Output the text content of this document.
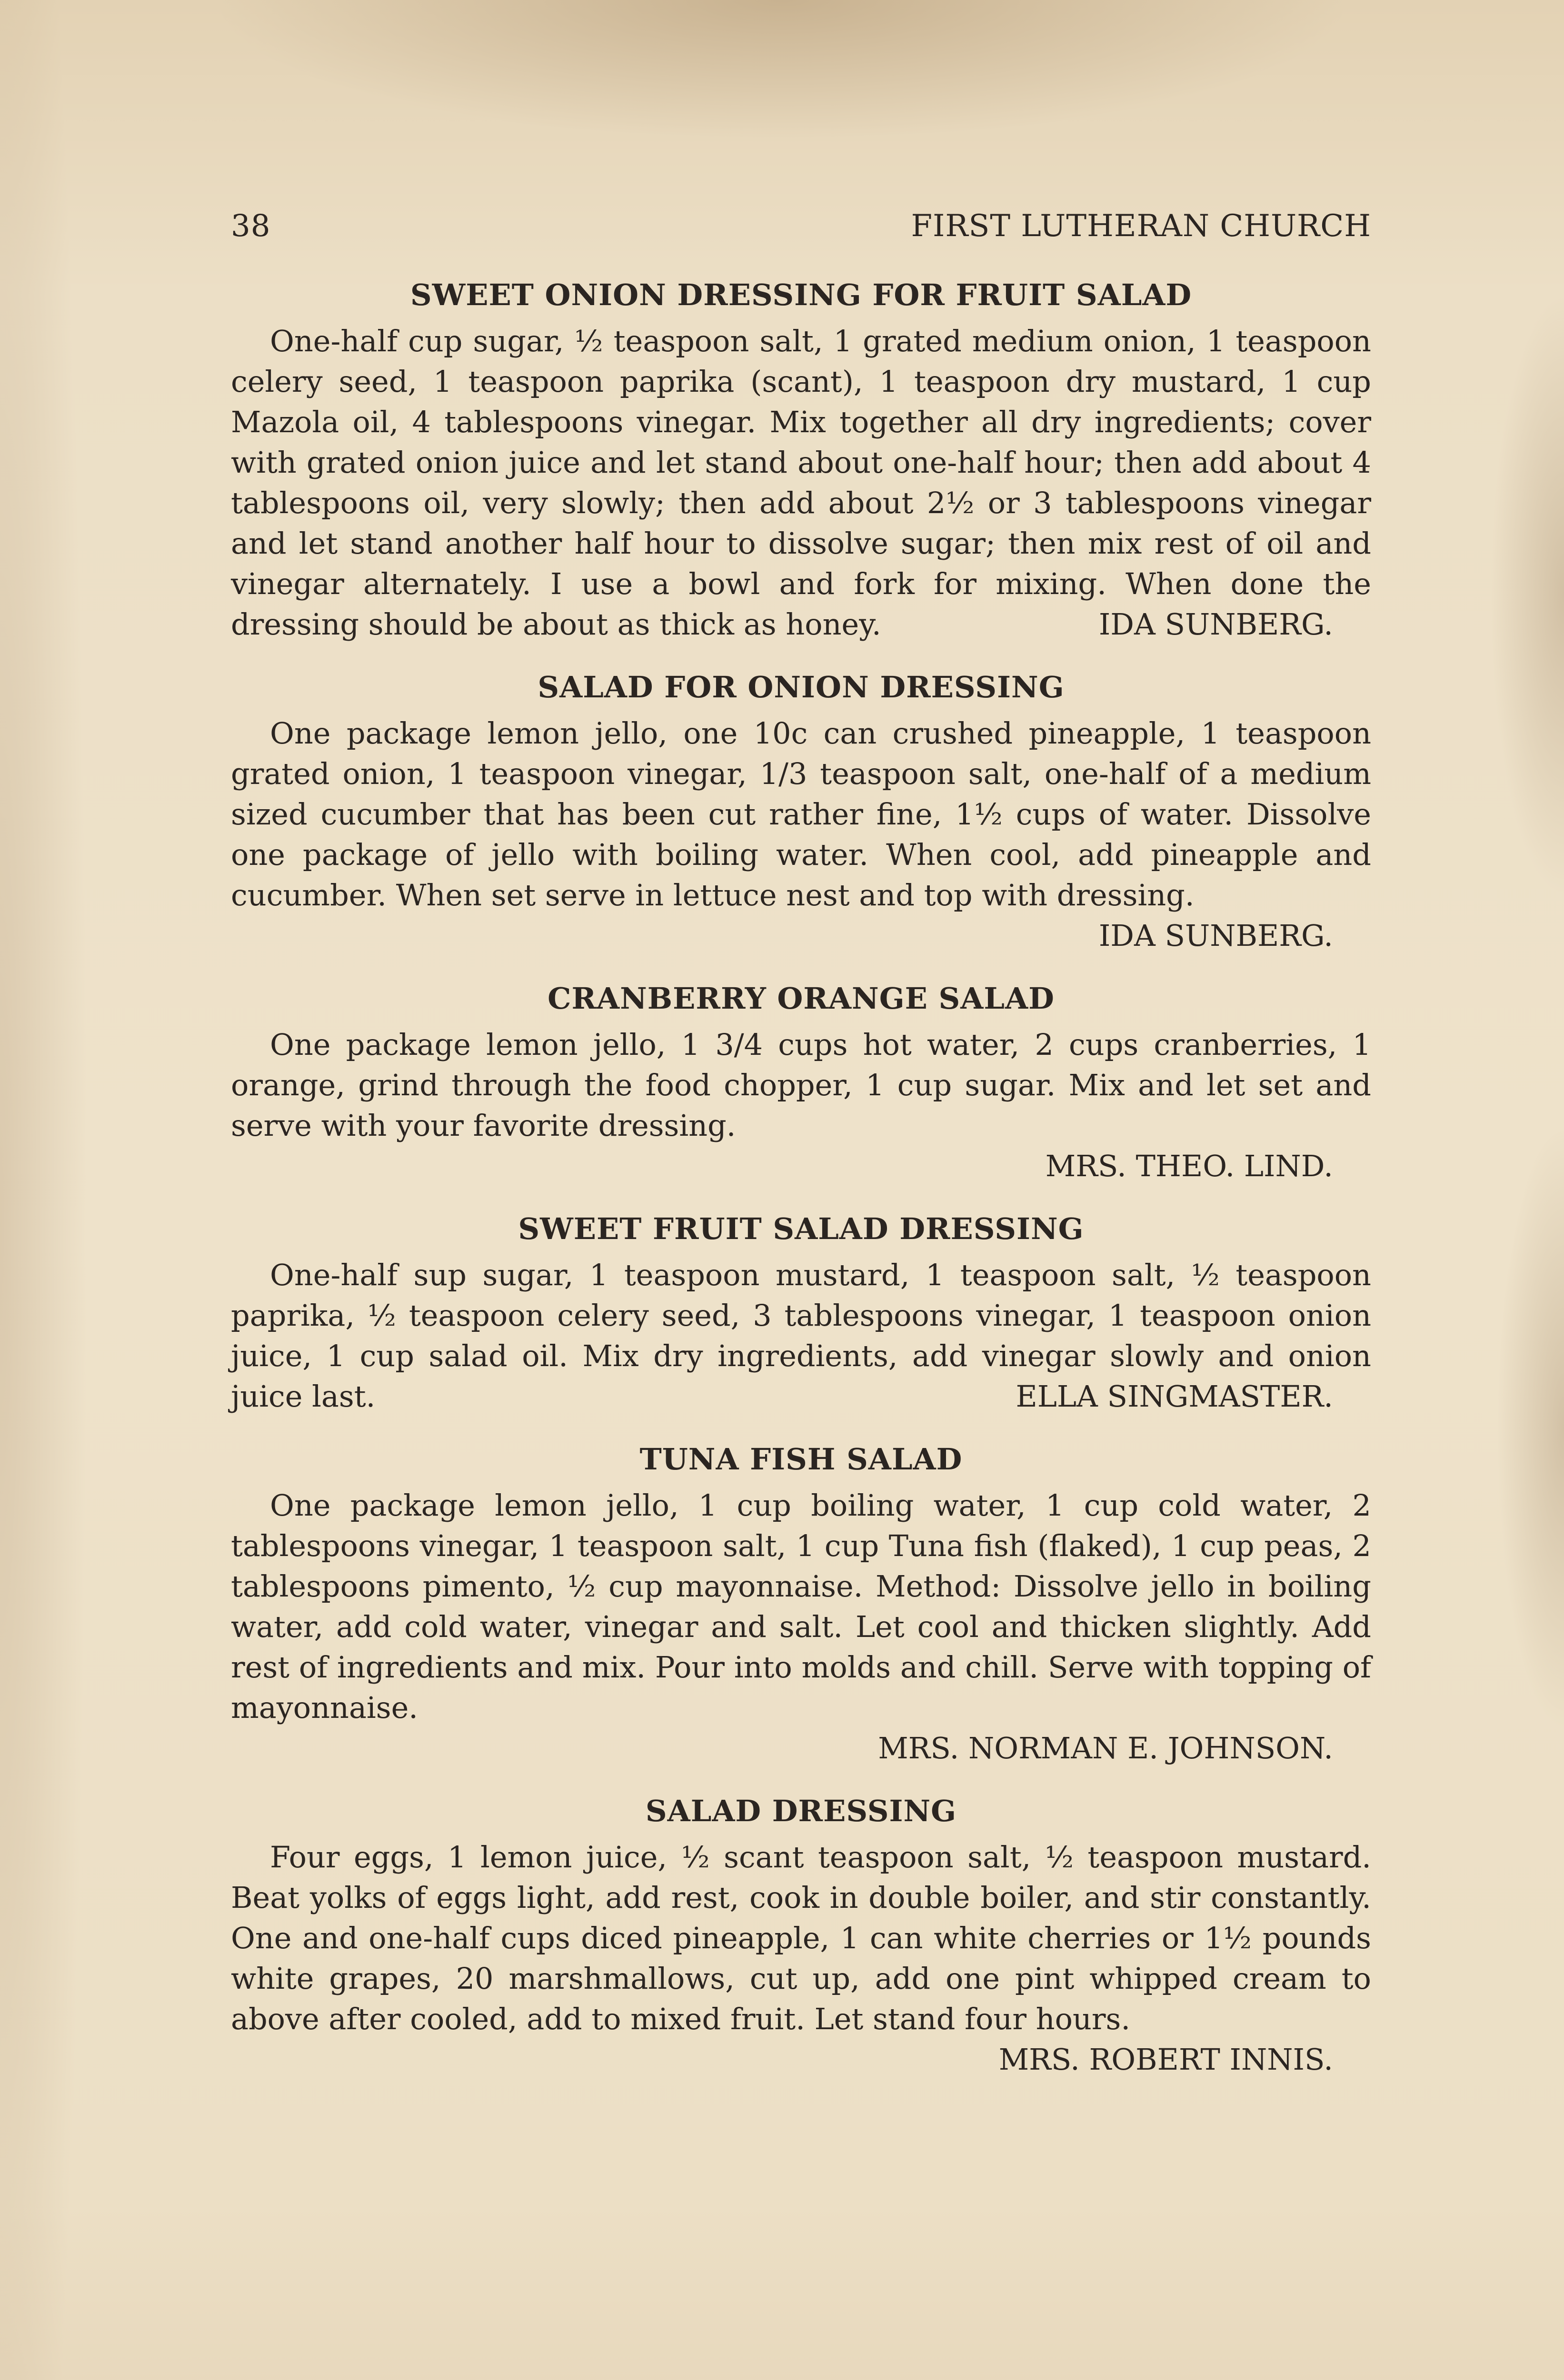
38	FIRST LUTHERAN CHURCH
SWEET ONION DRESSING FOR FRUIT SALAD

One-half cup sugar, ½ teaspoon salt, 1 grated medium onion, 1 teaspoon celery seed, 1 teaspoon paprika (scant), 1 teaspoon dry mustard, 1 cup Mazola oil, 4 tablespoons vinegar. Mix together all dry ingredients; cover with grated onion juice and let stand about one-half hour; then add about 4 tablespoons oil, very slowly; then add about 2½ or 3 tablespoons vinegar and let stand another half hour to dissolve sugar; then mix rest of oil and vinegar alternately. I use a bowl and fork for mixing. When done the dressing should be about as thick as honey.	IDA SUNBERG.

SALAD FOR ONION DRESSING

One package lemon jello, one 10c can crushed pineapple, 1 teaspoon grated onion, 1 teaspoon vinegar, 1/3 teaspoon salt, one-half of a medium sized cucumber that has been cut rather fine, 1½ cups of water. Dissolve one package of jello with boiling water. When cool, add pineapple and cucumber. When set serve in lettuce nest and top with dressing.

IDA SUNBERG.

CRANBERRY ORANGE SALAD

One package lemon jello, 1 3/4 cups hot water, 2 cups cranberries, 1 orange, grind through the food chopper, 1 cup sugar. Mix and let set and serve with your favorite dressing.

MRS. THEO. LIND.

SWEET FRUIT SALAD DRESSING

One-half sup sugar, 1 teaspoon mustard, 1 teaspoon salt, ½ teaspoon paprika, ½ teaspoon celery seed, 3 tablespoons vinegar, 1 teaspoon onion juice, 1 cup salad oil. Mix dry ingredients, add vinegar slowly and onion juice last.	ELLA SINGMASTER.

TUNA FISH SALAD

One package lemon jello, 1 cup boiling water, 1 cup cold water, 2 tablespoons vinegar, 1 teaspoon salt, 1 cup Tuna fish (flaked), 1 cup peas, 2 tablespoons pimento, ½ cup mayonnaise. Method: Dissolve jello in boiling water, add cold water, vinegar and salt. Let cool and thicken slightly. Add rest of ingredients and mix. Pour into molds and chill. Serve with topping of mayonnaise.

MRS. NORMAN E. JOHNSON.

SALAD DRESSING

Four eggs, 1 lemon juice, ½ scant teaspoon salt, ½ teaspoon mustard. Beat yolks of eggs light, add rest, cook in double boiler, and stir constantly. One and one-half cups diced pineapple, 1 can white cherries or 1½ pounds white grapes, 20 marshmallows, cut up, add one pint whipped cream to above after cooled, add to mixed fruit. Let stand four hours.
MRS. ROBERT INNIS.
